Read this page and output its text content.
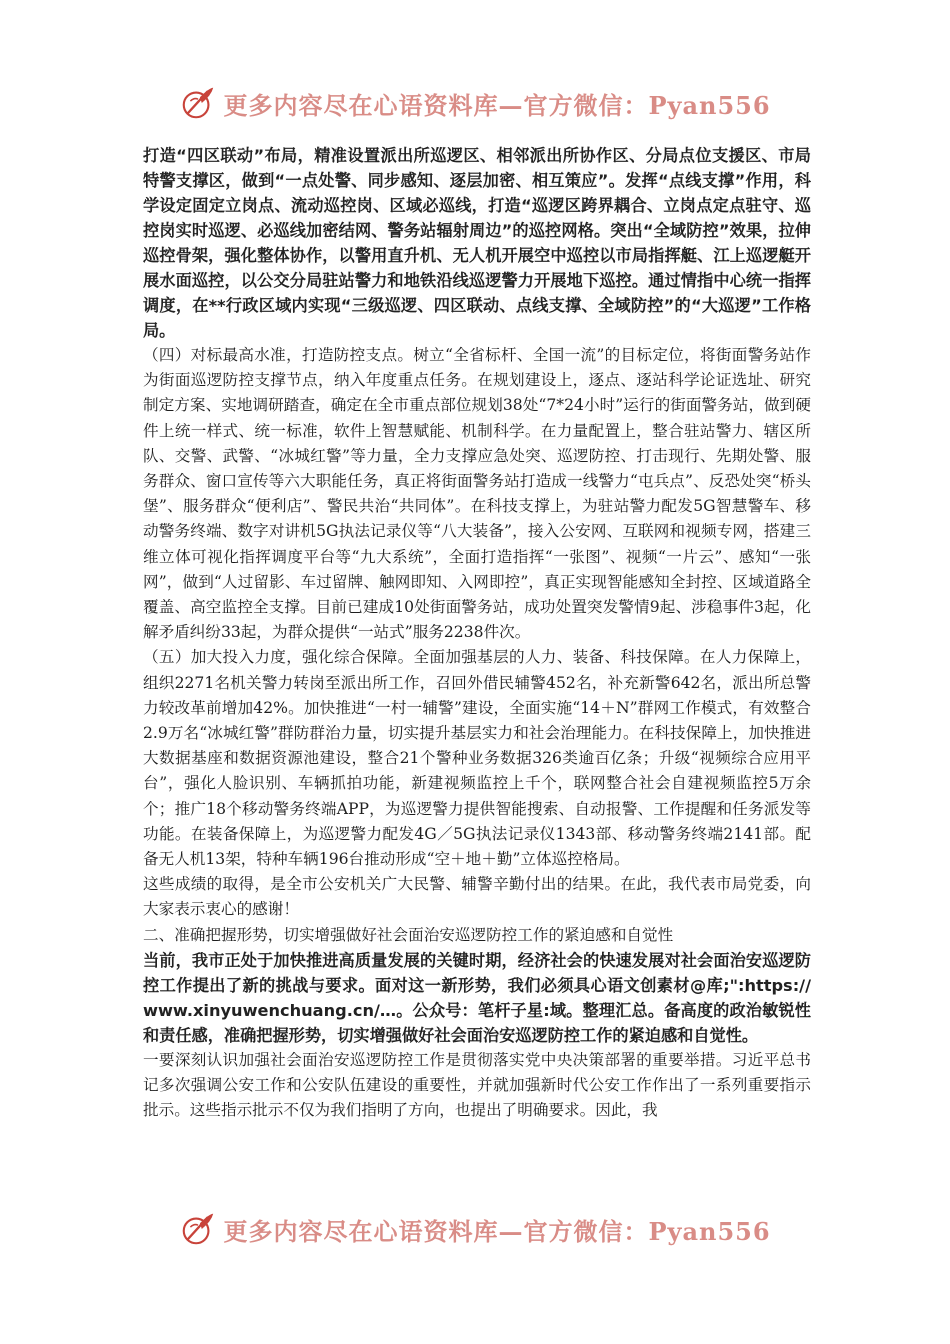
更多内容尽在心语资料库—官方微信：Pyan556

打造“四区联动”布局，精准设置派出所巡逻区、相邻派出所协作区、分局点位支援区、市局特警支撑区，做到“一点处警、同步感知、逐层加密、相互策应”。发挥“点线支撑”作用，科学设定固定立岗点、流动巡控岗、区域必巡线，打造“巡逻区跨界耦合、立岗点定点驻守、巡控岗实时巡逻、必巡线加密结网、警务站辐射周边”的巡控网格。突出“全域防控”效果，拉伸巡控骨架，强化整体协作，以警用直升机、无人机开展空中巡控以市局指挥艇、江上巡逻艇开展水面巡控，以公交分局驻站警力和地铁沿线巡逻警力开展地下巡控。通过情指中心统一指挥调度，在**行政区域内实现“三级巡逻、四区联动、点线支撑、全域防控”的“大巡逻”工作格局。

（四）对标最高水准，打造防控支点。树立“全省标杆、全国一流”的目标定位，将街面警务站作为街面巡逻防控支撑节点，纳入年度重点任务。在规划建设上，逐点、逐站科学论证选址、研究制定方案、实地调研踏查，确定在全市重点部位规划38处“7*24小时”运行的街面警务站，做到硬件上统一样式、统一标准，软件上智慧赋能、机制科学。在力量配置上，整合驻站警力、辖区所队、交警、武警、“冰城红警”等力量，全力支撑应急处突、巡逻防控、打击现行、先期处警、服务群众、窗口宣传等六大职能任务，真正将街面警务站打造成一线警力“屯兵点”、反恐处突“桥头堡”、服务群众“便利店”、警民共治“共同体”。在科技支撑上，为驻站警力配发5G智慧警车、移动警务终端、数字对讲机5G执法记录仪等“八大装备”，接入公安网、互联网和视频专网，搭建三维立体可视化指挥调度平台等“九大系统”，全面打造指挥“一张图”、视频“一片云”、感知“一张网”，做到“人过留影、车过留牌、触网即知、入网即控”，真正实现智能感知全封控、区域道路全覆盖、高空监控全支撑。目前已建成10处街面警务站，成功处置突发警情9起、涉稳事件3起，化解矛盾纠纷33起，为群众提供“一站式”服务2238件次。

（五）加大投入力度，强化综合保障。全面加强基层的人力、装备、科技保障。在人力保障上，组织2271名机关警力转岗至派出所工作，召回外借民辅警452名，补充新警642名，派出所总警力较改革前增加42%。加快推进“一村一辅警”建设，全面实施“14＋N”群网工作模式，有效整合2.9万名“冰城红警”群防群治力量，切实提升基层实力和社会治理能力。在科技保障上，加快推进大数据基座和数据资源池建设，整合21个警种业务数据326类逾百亿条；升级“视频综合应用平台”，强化人脸识别、车辆抓拍功能，新建视频监控上千个，联网整合社会自建视频监控5万余个；推广18个移动警务终端APP，为巡逻警力提供智能搜索、自动报警、工作提醒和任务派发等功能。在装备保障上，为巡逻警力配发4G／5G执法记录仪1343部、移动警务终端2141部。配备无人机13架，特种车辆196台推动形成“空＋地＋勤”立体巡控格局。

这些成绩的取得，是全市公安机关广大民警、辅警辛勤付出的结果。在此，我代表市局党委，向大家表示衷心的感谢！

二、准确把握形势，切实增强做好社会面治安巡逻防控工作的紧迫感和自觉性

当前，我市正处于加快推进高质量发展的关键时期，经济社会的快速发展对社会面治安巡逻防控工作提出了新的挑战与要求。面对这一新形势，我们必须具心语文创素材@库;":https://www.xinyuwenchuang.cn/…。公众号：笔杆子星:域。整理汇总。备高度的政治敏锐性和责任感，准确把握形势，切实增强做好社会面治安巡逻防控工作的紧迫感和自觉性。

一要深刻认识加强社会面治安巡逻防控工作是贯彻落实党中央决策部署的重要举措。习近平总书记多次强调公安工作和公安队伍建设的重要性，并就加强新时代公安工作作出了一系列重要指示批示。这些指示批示不仅为我们指明了方向，也提出了明确要求。因此，我

更多内容尽在心语资料库—官方微信：Pyan556
